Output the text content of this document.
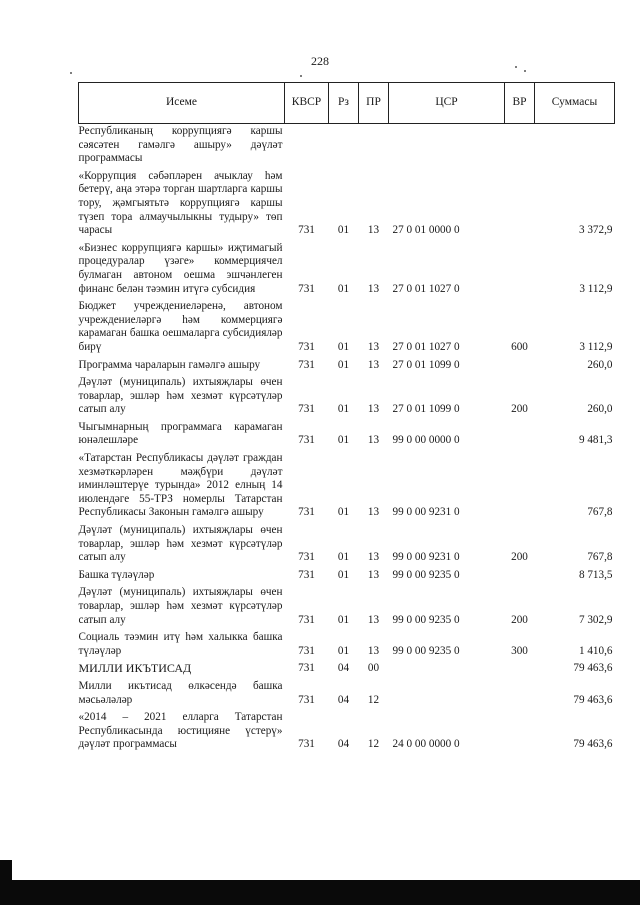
228
Исеме	КВСР	Рз	ПР	ЦСР	ВР	Суммасы
Республиканың коррупциягә каршы сәясәтен гамәлгә ашыру» дәүләт программасы						
«Коррупция сәбәпләрен ачыклау һәм бетерү, аңа этәрә торган шартларга каршы тору, җәмгыятьтә коррупциягә каршы түзеп тора алмаучылыкны тудыру» төп чарасы	731	01	13	27 0 01 0000 0		3 372,9
«Бизнес коррупциягә каршы» иҗтимагый процедуралар үзәге» коммерциячел булмаган автоном оешма эшчәнлеген финанс белән тәэмин итүгә субсидия	731	01	13	27 0 01 1027 0		3 112,9
Бюджет учреждениеләренә, автоном учреждениеләргә һәм коммерциягә карамаган башка оешмаларга субсидияләр бирү	731	01	13	27 0 01 1027 0	600	3 112,9
Программа чараларын гамәлгә ашыру	731	01	13	27 0 01 1099 0		260,0
Дәүләт (муниципаль) ихтыяҗлары өчен товарлар, эшләр һәм хезмәт күрсәтүләр сатып алу	731	01	13	27 0 01 1099 0	200	260,0
Чыгымнарның программага карамаган юнәлешләре	731	01	13	99 0 00 0000 0		9 481,3
«Татарстан Республикасы дәүләт граждан хезмәткәрләрен мәҗбүри дәүләт иминләштерүе турында» 2012 елның 14 июлендәге 55-ТРЗ номерлы Татарстан Республикасы Законын гамәлгә ашыру	731	01	13	99 0 00 9231 0		767,8
Дәүләт (муниципаль) ихтыяҗлары өчен товарлар, эшләр һәм хезмәт күрсәтүләр сатып алу	731	01	13	99 0 00 9231 0	200	767,8
Башка түләүләр	731	01	13	99 0 00 9235 0		8 713,5
Дәүләт (муниципаль) ихтыяҗлары өчен товарлар, эшләр һәм хезмәт күрсәтүләр сатып алу	731	01	13	99 0 00 9235 0	200	7 302,9
Социаль тәэмин итү һәм халыкка башка түләүләр	731	01	13	99 0 00 9235 0	300	1 410,6
МИЛЛИ ИКЪТИСАД	731	04	00			79 463,6
Милли икътисад өлкәсендә башка мәсьәләләр	731	04	12			79 463,6
«2014 – 2021 елларга Татарстан Республикасында юстицияне үстерү» дәүләт программасы	731	04	12	24 0 00 0000 0		79 463,6
